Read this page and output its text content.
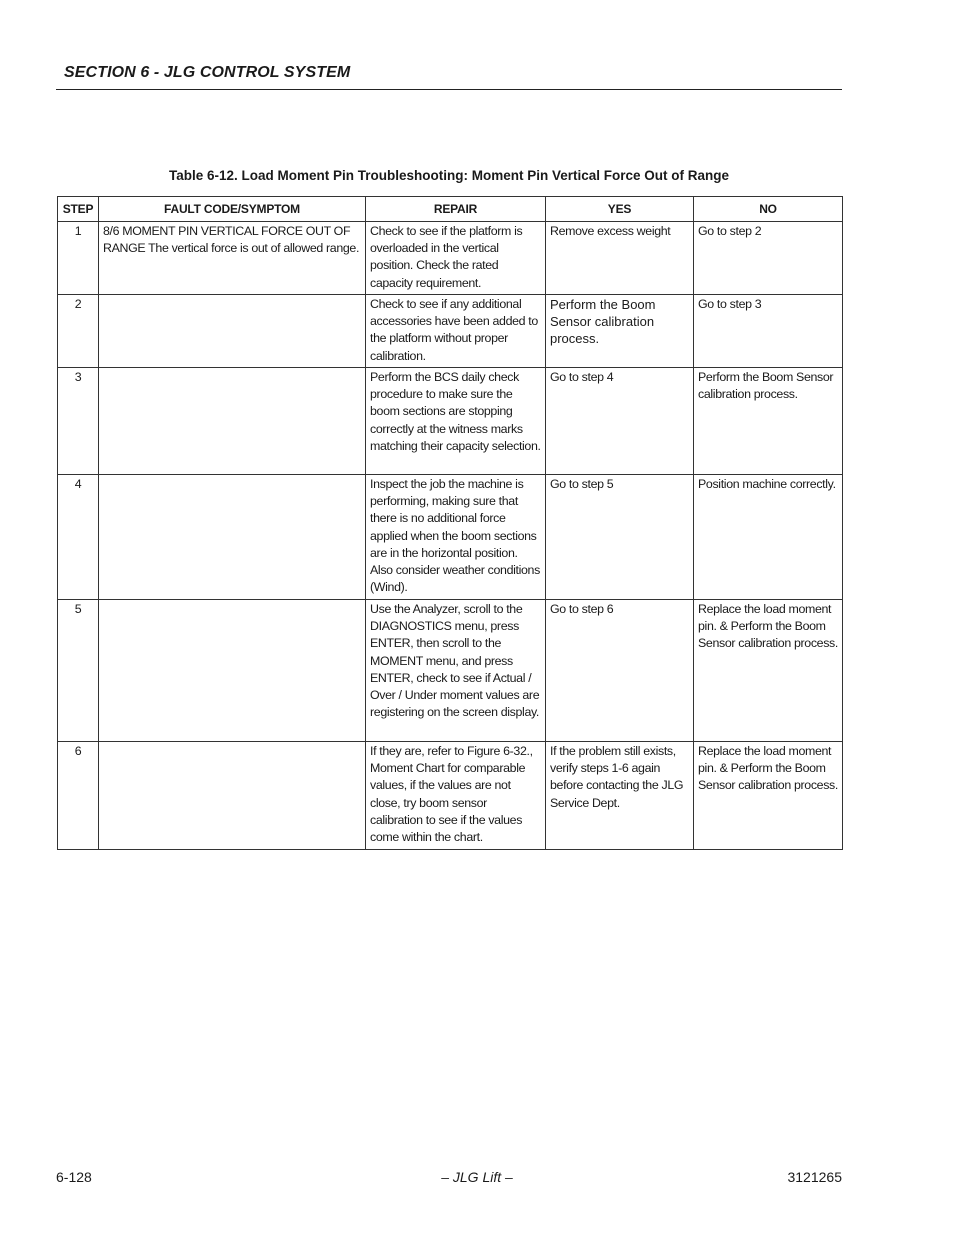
SECTION 6 - JLG CONTROL SYSTEM
Table 6-12. Load Moment Pin Troubleshooting: Moment Pin Vertical Force Out of Range
STEP	FAULT CODE/SYMPTOM	REPAIR	YES	NO

1	8/6 MOMENT PIN VERTICAL FORCE OUT OF RANGE The vertical force is out of allowed range.	Check to see if the platform is overloaded in the vertical position. Check the rated capacity requirement.	Remove excess weight	Go to step 2

2		Check to see if any additional accessories have been added to the platform without proper calibration.	Perform the Boom Sensor calibration process.	Go to step 3

3		Perform the BCS daily check procedure to make sure the boom sections are stopping correctly at the witness marks matching their capacity selection.	Go to step 4	Perform the Boom Sensor calibration process.

4		Inspect the job the machine is performing, making sure that there is no additional force applied when the boom sections are in the horizontal position. Also consider weather conditions (Wind).	Go to step 5	Position machine correctly.

5		Use the Analyzer, scroll to the DIAGNOSTICS menu, press ENTER, then scroll to the MOMENT menu, and press ENTER, check to see if Actual / Over / Under moment values are registering on the screen display.	Go to step 6	Replace the load moment pin. & Perform the Boom Sensor calibration process.

6		If they are, refer to Figure 6-32., Moment Chart for comparable values, if the values are not close, try boom sensor calibration to see if the values come within the chart.	If the problem still exists, verify steps 1-6 again before contacting the JLG Service Dept.	Replace the load moment pin. & Perform the Boom Sensor calibration process.
6-128	– JLG Lift –	3121265
